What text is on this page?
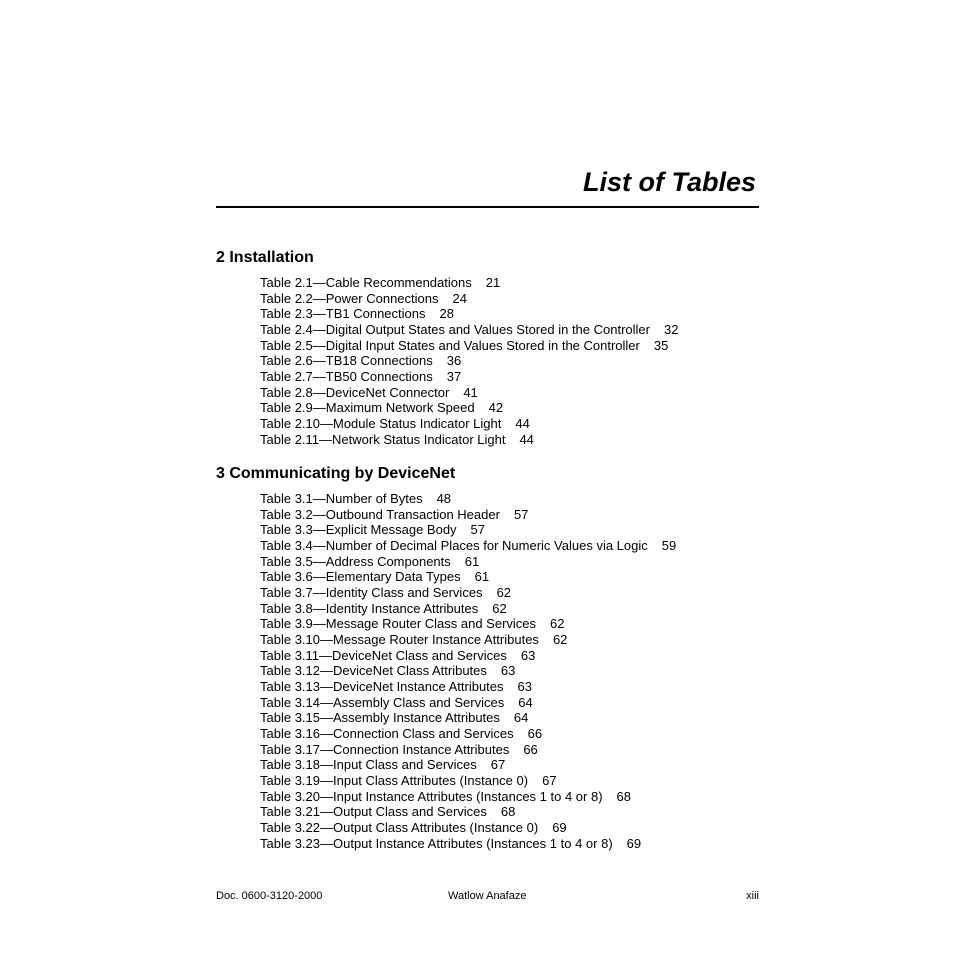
List of Tables
2 Installation
Table 2.1—Cable Recommendations 21
Table 2.2—Power Connections 24
Table 2.3—TB1 Connections 28
Table 2.4—Digital Output States and Values Stored in the Controller 32
Table 2.5—Digital Input States and Values Stored in the Controller 35
Table 2.6—TB18 Connections 36
Table 2.7—TB50 Connections 37
Table 2.8—DeviceNet Connector 41
Table 2.9—Maximum Network Speed 42
Table 2.10—Module Status Indicator Light 44
Table 2.11—Network Status Indicator Light 44
3 Communicating by DeviceNet
Table 3.1—Number of Bytes 48
Table 3.2—Outbound Transaction Header 57
Table 3.3—Explicit Message Body 57
Table 3.4—Number of Decimal Places for Numeric Values via Logic 59
Table 3.5—Address Components 61
Table 3.6—Elementary Data Types 61
Table 3.7—Identity Class and Services 62
Table 3.8—Identity Instance Attributes 62
Table 3.9—Message Router Class and Services 62
Table 3.10—Message Router Instance Attributes 62
Table 3.11—DeviceNet Class and Services 63
Table 3.12—DeviceNet Class Attributes 63
Table 3.13—DeviceNet Instance Attributes 63
Table 3.14—Assembly Class and Services 64
Table 3.15—Assembly Instance Attributes 64
Table 3.16—Connection Class and Services 66
Table 3.17—Connection Instance Attributes 66
Table 3.18—Input Class and Services 67
Table 3.19—Input Class Attributes (Instance 0) 67
Table 3.20—Input Instance Attributes (Instances 1 to 4 or 8) 68
Table 3.21—Output Class and Services 68
Table 3.22—Output Class Attributes (Instance 0) 69
Table 3.23—Output Instance Attributes (Instances 1 to 4 or 8) 69
Doc. 0600-3120-2000	Watlow Anafaze	xiii
